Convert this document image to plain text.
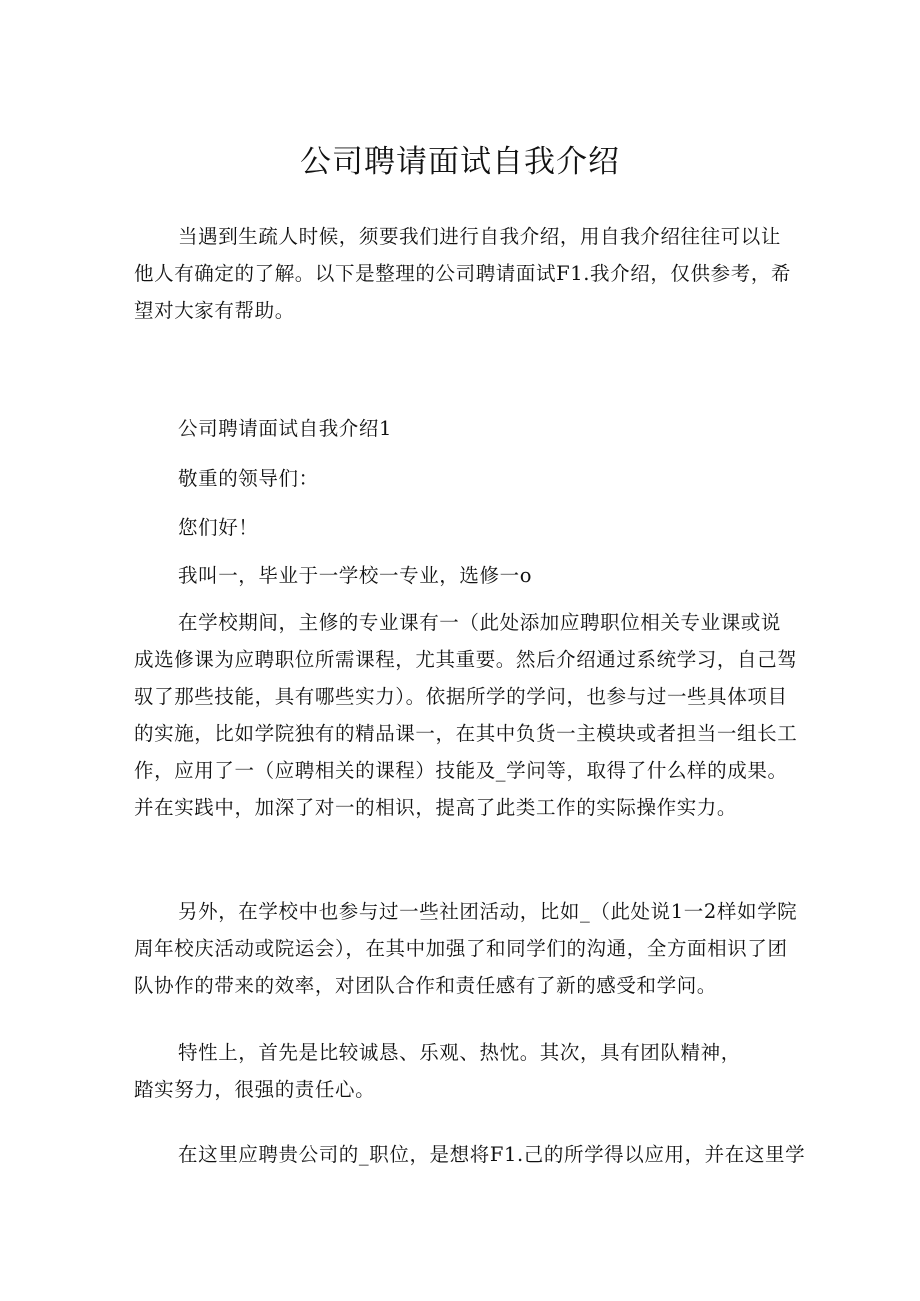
公司聘请面试自我介绍
当遇到生疏人时候，须要我们进行自我介绍，用自我介绍往往可以让
他人有确定的了解。以下是整理的公司聘请面试F1.我介绍，仅供参考，希
望对大家有帮助。

公司聘请面试自我介绍1

敬重的领导们：

您们好！

我叫一，毕业于一学校一专业，选修一o

在学校期间，主修的专业课有一（此处添加应聘职位相关专业课或说
成选修课为应聘职位所需课程，尤其重要。然后介绍通过系统学习，自己驾
驭了那些技能，具有哪些实力）。依据所学的学问，也参与过一些具体项目
的实施，比如学院独有的精品课一，在其中负货一主模块或者担当一组长工
作，应用了一（应聘相关的课程）技能及_学问等，取得了什么样的成果。
并在实践中，加深了对一的相识，提高了此类工作的实际操作实力。
另外，在学校中也参与过一些社团活动，比如_（此处说1一2样如学院
周年校庆活动或院运会），在其中加强了和同学们的沟通，全方面相识了团
队协作的带来的效率，对团队合作和责任感有了新的感受和学问。
特性上，首先是比较诚恳、乐观、热忱。其次，具有团队精神，
踏实努力，很强的责任心。
在这里应聘贵公司的_职位，是想将F1.己的所学得以应用，并在这里学
